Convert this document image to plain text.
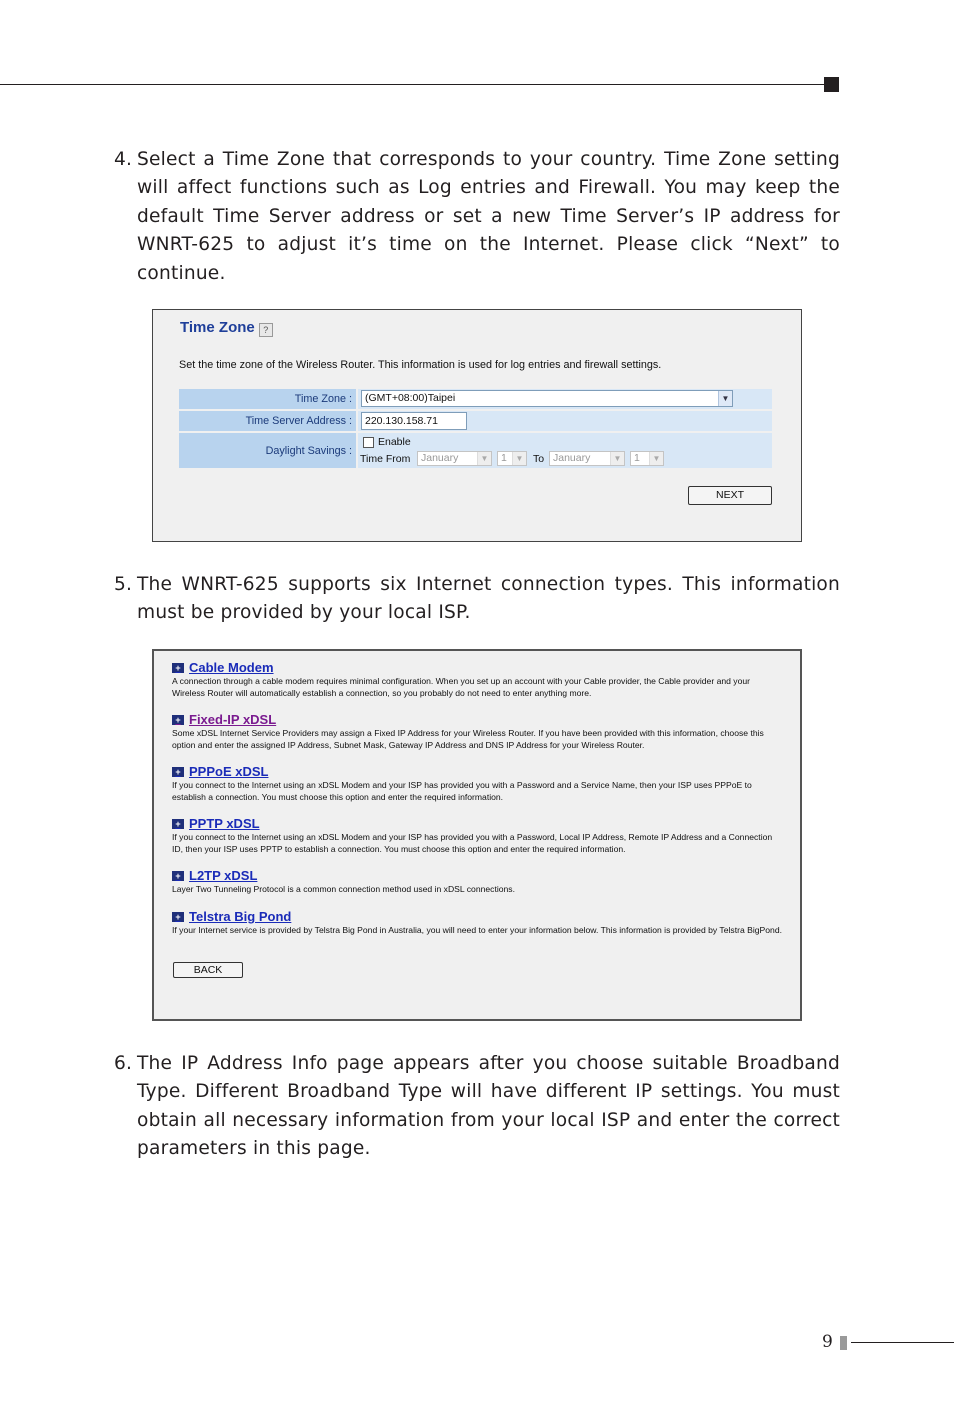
4. Select a Time Zone that corresponds to your country. Time Zone setting will affect functions such as Log entries and Firewall. You may keep the default Time Server address or set a new Time Server’s IP address for WNRT-625 to adjust it’s time on the Internet. Please click “Next” to continue.
Time Zone ?
Set the time zone of the Wireless Router. This information is used for log entries and firewall settings.
Time Zone :	(GMT+08:00)Taipei	▼
Time Server Address :	220.130.158.71
Daylight Savings :
Enable
Time From	January	▼	1	▼ To January	▼	1	▼
NEXT
5. The WNRT-625 supports six Internet connection types. This information must be provided by your local ISP.
+ Cable Modem
A connection through a cable modem requires minimal configuration. When you set up an account with your Cable provider, the Cable provider and your Wireless Router will automatically establish a connection, so you probably do not need to enter anything more.
+ Fixed-IP xDSL
Some xDSL Internet Service Providers may assign a Fixed IP Address for your Wireless Router. If you have been provided with this information, choose this option and enter the assigned IP Address, Subnet Mask, Gateway IP Address and DNS IP Address for your Wireless Router.
+ PPPoE xDSL
If you connect to the Internet using an xDSL Modem and your ISP has provided you with a Password and a Service Name, then your ISP uses PPPoE to establish a connection. You must choose this option and enter the required information.
+ PPTP xDSL
If you connect to the Internet using an xDSL Modem and your ISP has provided you with a Password, Local IP Address, Remote IP Address and a Connection ID, then your ISP uses PPTP to establish a connection. You must choose this option and enter the required information.
+ L2TP xDSL
Layer Two Tunneling Protocol is a common connection method used in xDSL connections.
+ Telstra Big Pond
If your Internet service is provided by Telstra Big Pond in Australia, you will need to enter your information below. This information is provided by Telstra BigPond.
BACK
6. The IP Address Info page appears after you choose suitable Broadband Type. Different Broadband Type will have different IP settings. You must obtain all necessary information from your local ISP and enter the correct parameters in this page.
9
